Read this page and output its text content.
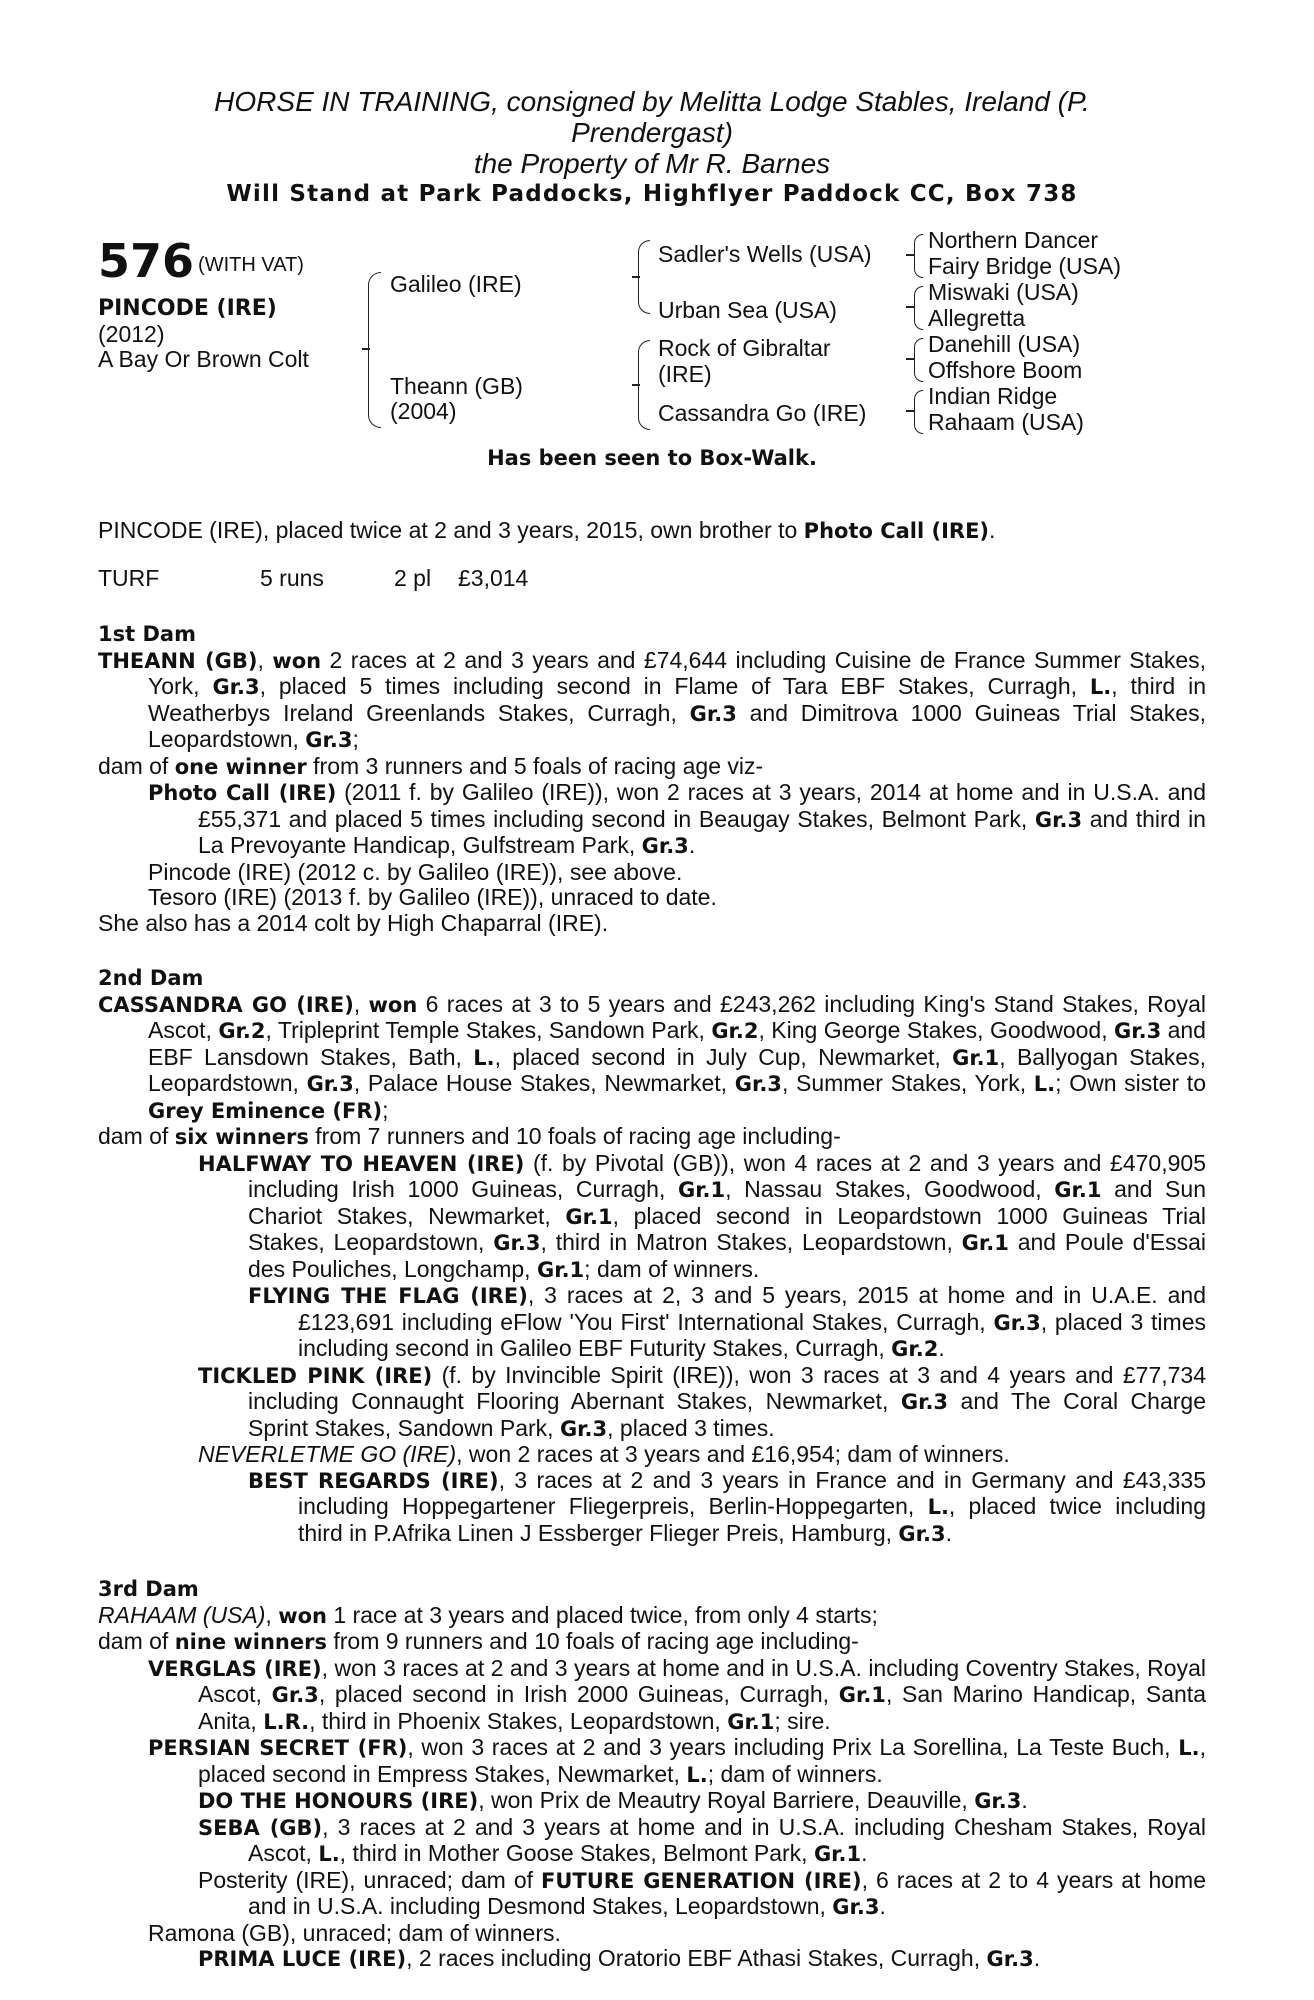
HORSE IN TRAINING, consigned by Melitta Lodge Stables, Ireland (P.
Prendergast)
the Property of Mr R. Barnes
Will Stand at Park Paddocks, Highflyer Paddock CC, Box 738
576 (WITH VAT)
PINCODE (IRE)
(2012)
A Bay Or Brown Colt
Galileo (IRE)
Theann (GB)
(2004)
Sadler's Wells (USA)
Urban Sea (USA)
Rock of Gibraltar
(IRE)
Cassandra Go (IRE)
Northern Dancer
Fairy Bridge (USA)
Miswaki (USA)
Allegretta
Danehill (USA)
Offshore Boom
Indian Ridge
Rahaam (USA)
Has been seen to Box-Walk.

PINCODE (IRE), placed twice at 2 and 3 years, 2015, own brother to Photo Call (IRE).

TURF	5 runs	2 pl £3,014
1st Dam

THEANN (GB), won 2 races at 2 and 3 years and £74,644 including Cuisine de France Summer Stakes, York, Gr.3, placed 5 times including second in Flame of Tara EBF Stakes, Curragh, L., third in Weatherbys Ireland Greenlands Stakes, Curragh, Gr.3 and Dimitrova 1000 Guineas Trial Stakes, Leopardstown, Gr.3;

dam of one winner from 3 runners and 5 foals of racing age viz-

Photo Call (IRE) (2011 f. by Galileo (IRE)), won 2 races at 3 years, 2014 at home and in U.S.A. and £55,371 and placed 5 times including second in Beaugay Stakes, Belmont Park, Gr.3 and third in La Prevoyante Handicap, Gulfstream Park, Gr.3.

Pincode (IRE) (2012 c. by Galileo (IRE)), see above.

Tesoro (IRE) (2013 f. by Galileo (IRE)), unraced to date.

She also has a 2014 colt by High Chaparral (IRE).

2nd Dam

CASSANDRA GO (IRE), won 6 races at 3 to 5 years and £243,262 including King's Stand Stakes, Royal Ascot, Gr.2, Tripleprint Temple Stakes, Sandown Park, Gr.2, King George Stakes, Goodwood, Gr.3 and EBF Lansdown Stakes, Bath, L., placed second in July Cup, Newmarket, Gr.1, Ballyogan Stakes, Leopardstown, Gr.3, Palace House Stakes, Newmarket, Gr.3, Summer Stakes, York, L.; Own sister to Grey Eminence (FR);

dam of six winners from 7 runners and 10 foals of racing age including-

HALFWAY TO HEAVEN (IRE) (f. by Pivotal (GB)), won 4 races at 2 and 3 years and £470,905 including Irish 1000 Guineas, Curragh, Gr.1, Nassau Stakes, Goodwood, Gr.1 and Sun Chariot Stakes, Newmarket, Gr.1, placed second in Leopardstown 1000 Guineas Trial Stakes, Leopardstown, Gr.3, third in Matron Stakes, Leopardstown, Gr.1 and Poule d'Essai des Pouliches, Longchamp, Gr.1; dam of winners.

FLYING THE FLAG (IRE), 3 races at 2, 3 and 5 years, 2015 at home and in U.A.E. and £123,691 including eFlow 'You First' International Stakes, Curragh, Gr.3, placed 3 times including second in Galileo EBF Futurity Stakes, Curragh, Gr.2.

TICKLED PINK (IRE) (f. by Invincible Spirit (IRE)), won 3 races at 3 and 4 years and £77,734 including Connaught Flooring Abernant Stakes, Newmarket, Gr.3 and The Coral Charge Sprint Stakes, Sandown Park, Gr.3, placed 3 times.

NEVERLETME GO (IRE), won 2 races at 3 years and £16,954; dam of winners.

BEST REGARDS (IRE), 3 races at 2 and 3 years in France and in Germany and £43,335 including Hoppegartener Fliegerpreis, Berlin-Hoppegarten, L., placed twice including third in P.Afrika Linen J Essberger Flieger Preis, Hamburg, Gr.3.

3rd Dam

RAHAAM (USA), won 1 race at 3 years and placed twice, from only 4 starts;

dam of nine winners from 9 runners and 10 foals of racing age including-

VERGLAS (IRE), won 3 races at 2 and 3 years at home and in U.S.A. including Coventry Stakes, Royal Ascot, Gr.3, placed second in Irish 2000 Guineas, Curragh, Gr.1, San Marino Handicap, Santa Anita, L.R., third in Phoenix Stakes, Leopardstown, Gr.1; sire.

PERSIAN SECRET (FR), won 3 races at 2 and 3 years including Prix La Sorellina, La Teste Buch, L., placed second in Empress Stakes, Newmarket, L.; dam of winners.

DO THE HONOURS (IRE), won Prix de Meautry Royal Barriere, Deauville, Gr.3.

SEBA (GB), 3 races at 2 and 3 years at home and in U.S.A. including Chesham Stakes, Royal Ascot, L., third in Mother Goose Stakes, Belmont Park, Gr.1.

Posterity (IRE), unraced; dam of FUTURE GENERATION (IRE), 6 races at 2 to 4 years at home and in U.S.A. including Desmond Stakes, Leopardstown, Gr.3.

Ramona (GB), unraced; dam of winners.

PRIMA LUCE (IRE), 2 races including Oratorio EBF Athasi Stakes, Curragh, Gr.3.
